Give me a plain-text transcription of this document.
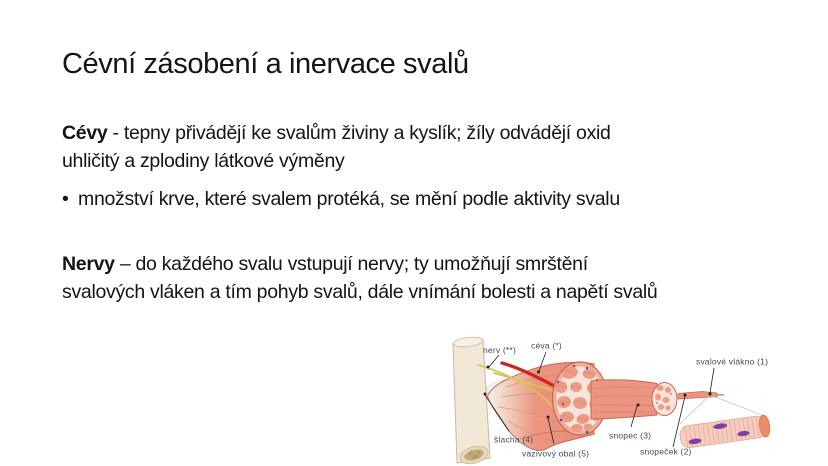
Cévní zásobení a inervace svalů

Cévy - tepny přivádějí ke svalům živiny a kyslík; žíly odvádějí oxid
uhličitý a zplodiny látkové výměny

• množství krve, které svalem protéká, se mění podle aktivity svalu

Nervy – do každého svalu vstupují nervy; ty umožňují smrštění
svalových vláken a tím pohyb svalů, dále vnímání bolesti a napětí svalů

nerv (**) céva (*)
svalové vlákno (1)
šlacha (4)
vazivový obal (5)
snopec (3)
snopeček (2)
